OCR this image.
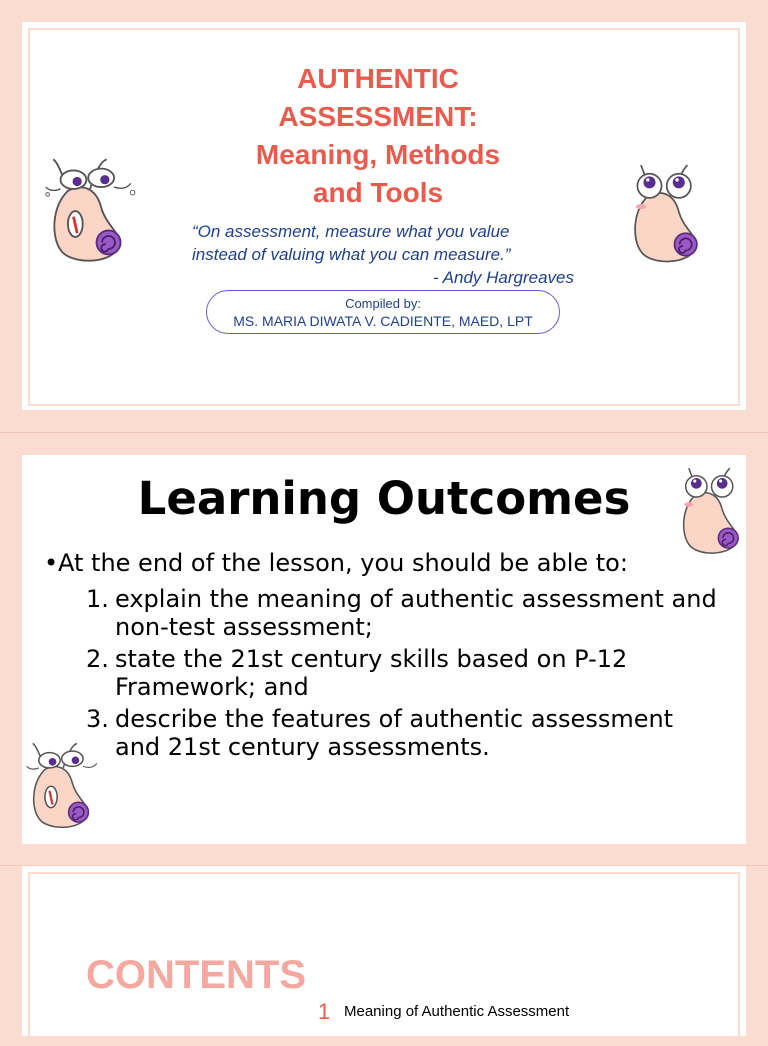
AUTHENTIC
ASSESSMENT:
Meaning, Methods
and Tools
“On assessment, measure what you value
instead of valuing what you can measure.”
- Andy Hargreaves
Compiled by:
MS. MARIA DIWATA V. CADIENTE, MAED, LPT
Learning Outcomes
• At the end of the lesson, you should be able to:
1. explain the meaning of authentic assessment and non-test assessment;
2. state the 21st century skills based on P-12 Framework; and
3. describe the features of authentic assessment and 21st century assessments.
CONTENTS
1 Meaning of Authentic Assessment
